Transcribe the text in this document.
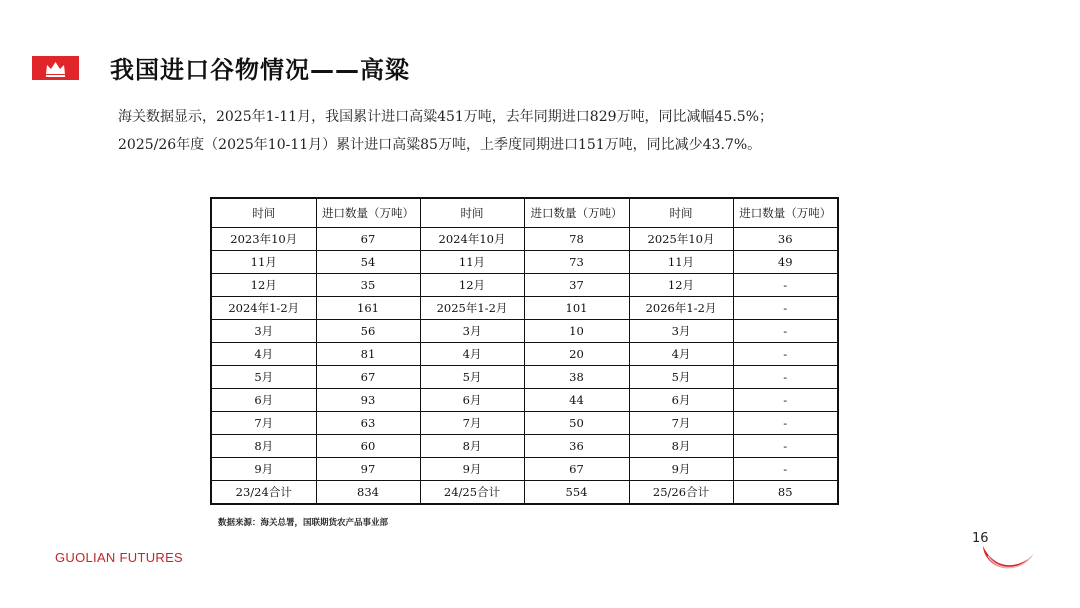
我国进口谷物情况——高粱

海关数据显示，2025年1-11月，我国累计进口高粱451万吨，去年同期进口829万吨，同比减幅45.5%；

2025/26年度（2025年10-11月）累计进口高粱85万吨，上季度同期进口151万吨，同比减少43.7%。

时间	进口数量（万吨）	时间	进口数量（万吨）	时间	进口数量（万吨）
2023年10月	67	2024年10月	78	2025年10月	36
11月	54	11月	73	11月	49
12月	35	12月	37	12月	-
2024年1-2月	161	2025年1-2月	101	2026年1-2月	-
3月	56	3月	10	3月	-
4月	81	4月	20	4月	-
5月	67	5月	38	5月	-
6月	93	6月	44	6月	-
7月	63	7月	50	7月	-
8月	60	8月	36	8月	-
9月	97	9月	67	9月	-
23/24合计	834	24/25合计	554	25/26合计	85
数据来源：海关总署，国联期货农产品事业部
16
GUOLIAN FUTURES
